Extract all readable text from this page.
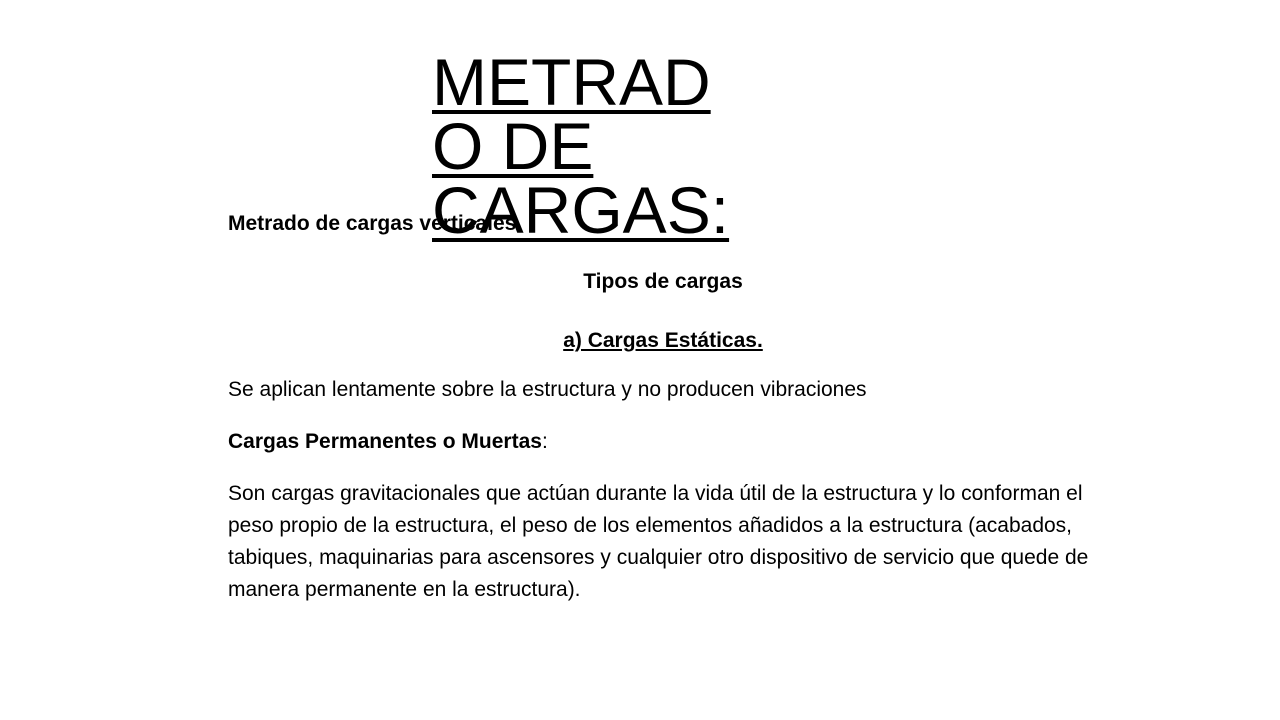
METRADO DE CARGAS:

Metrado de cargas verticales

Tipos de cargas

a) Cargas Estáticas.

Se aplican lentamente sobre la estructura y no producen vibraciones

Cargas Permanentes o Muertas:

Son cargas gravitacionales que actúan durante la vida útil de la estructura y lo conforman el peso propio de la estructura, el peso de los elementos añadidos a la estructura (acabados, tabiques, maquinarias para ascensores y cualquier otro dispositivo de servicio que quede de manera permanente en la estructura).
